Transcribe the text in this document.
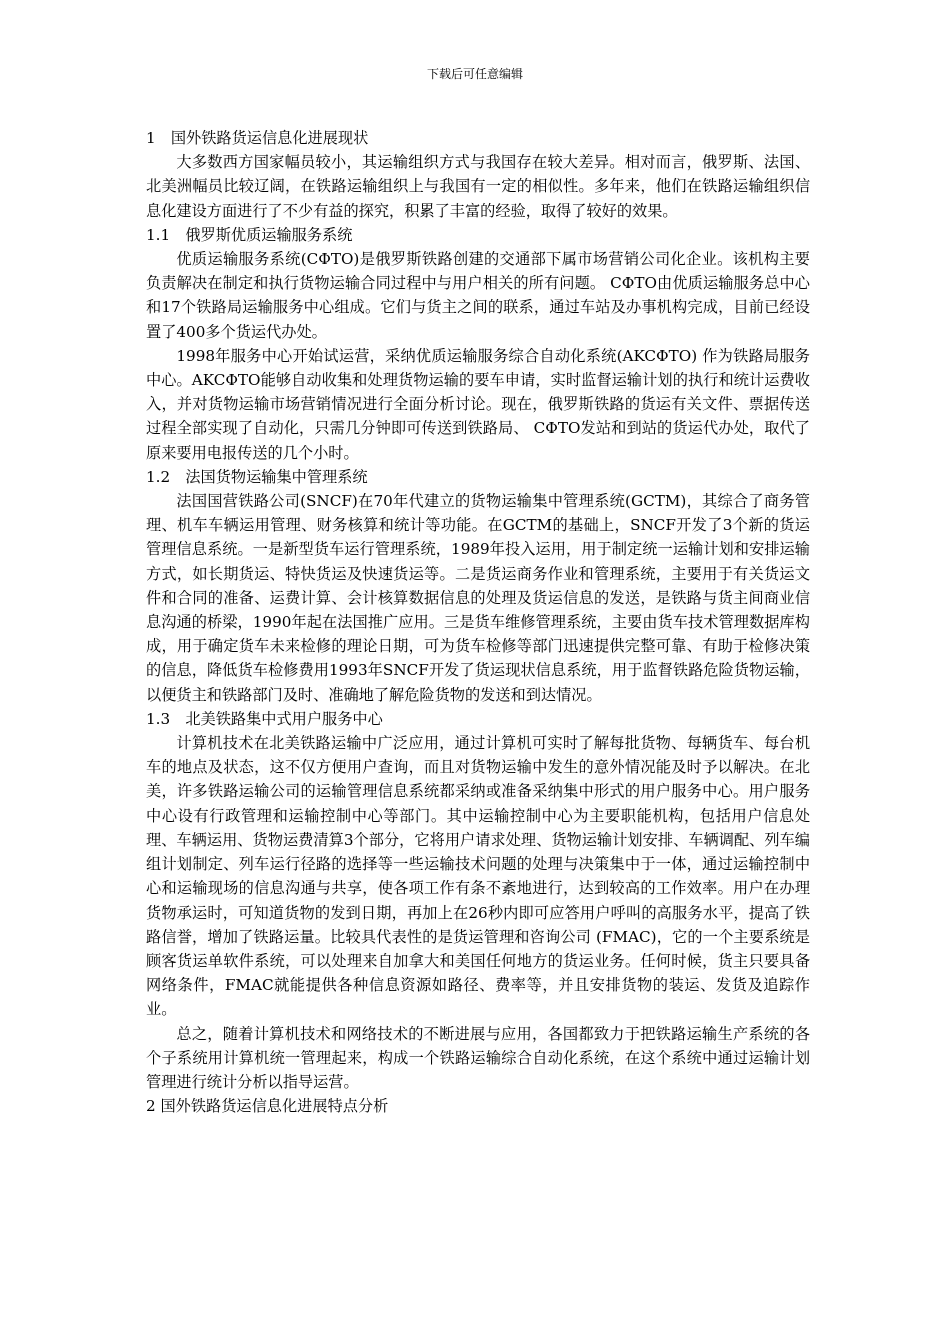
下载后可任意编辑
1　国外铁路货运信息化进展现状

大多数西方国家幅员较小，其运输组织方式与我国存在较大差异。相对而言，俄罗斯、法国、北美洲幅员比较辽阔，在铁路运输组织上与我国有一定的相似性。多年来，他们在铁路运输组织信息化建设方面进行了不少有益的探究，积累了丰富的经验，取得了较好的效果。

1.1　俄罗斯优质运输服务系统

优质运输服务系统(CФTO)是俄罗斯铁路创建的交通部下属市场营销公司化企业。该机构主要负责解决在制定和执行货物运输合同过程中与用户相关的所有问题。 CФTO由优质运输服务总中心和17个铁路局运输服务中心组成。它们与货主之间的联系，通过车站及办事机构完成，目前已经设置了400多个货运代办处。

1998年服务中心开始试运营，采纳优质运输服务综合自动化系统(AKCФTO) 作为铁路局服务中心。AKCФTO能够自动收集和处理货物运输的要车申请，实时监督运输计划的执行和统计运费收入，并对货物运输市场营销情况进行全面分析讨论。现在，俄罗斯铁路的货运有关文件、票据传送过程全部实现了自动化，只需几分钟即可传送到铁路局、 CФTO发站和到站的货运代办处，取代了原来要用电报传送的几个小时。

1.2　法国货物运输集中管理系统

法国国营铁路公司(SNCF)在70年代建立的货物运输集中管理系统(GCTM)，其综合了商务管理、机车车辆运用管理、财务核算和统计等功能。在GCTM的基础上，SNCF开发了3个新的货运管理信息系统。一是新型货车运行管理系统，1989年投入运用，用于制定统一运输计划和安排运输方式，如长期货运、特快货运及快速货运等。二是货运商务作业和管理系统，主要用于有关货运文件和合同的准备、运费计算、会计核算数据信息的处理及货运信息的发送，是铁路与货主间商业信息沟通的桥梁，1990年起在法国推广应用。三是货车维修管理系统，主要由货车技术管理数据库构成，用于确定货车未来检修的理论日期，可为货车检修等部门迅速提供完整可靠、有助于检修决策的信息，降低货车检修费用1993年SNCF开发了货运现状信息系统，用于监督铁路危险货物运输，以便货主和铁路部门及时、准确地了解危险货物的发送和到达情况。

1.3　北美铁路集中式用户服务中心

计算机技术在北美铁路运输中广泛应用，通过计算机可实时了解每批货物、每辆货车、每台机车的地点及状态，这不仅方便用户查询，而且对货物运输中发生的意外情况能及时予以解决。在北美，许多铁路运输公司的运输管理信息系统都采纳或准备采纳集中形式的用户服务中心。用户服务中心设有行政管理和运输控制中心等部门。其中运输控制中心为主要职能机构，包括用户信息处理、车辆运用、货物运费清算3个部分，它将用户请求处理、货物运输计划安排、车辆调配、列车编组计划制定、列车运行径路的选择等一些运输技术问题的处理与决策集中于一体，通过运输控制中心和运输现场的信息沟通与共享，使各项工作有条不紊地进行，达到较高的工作效率。用户在办理货物承运时，可知道货物的发到日期，再加上在26秒内即可应答用户呼叫的高服务水平，提高了铁路信誉，增加了铁路运量。比较具代表性的是货运管理和咨询公司 (FMAC)，它的一个主要系统是顾客货运单软件系统，可以处理来自加拿大和美国任何地方的货运业务。任何时候，货主只要具备网络条件，FMAC就能提供各种信息资源如路径、费率等，并且安排货物的装运、发货及追踪作业。

总之，随着计算机技术和网络技术的不断进展与应用，各国都致力于把铁路运输生产系统的各个子系统用计算机统一管理起来，构成一个铁路运输综合自动化系统，在这个系统中通过运输计划管理进行统计分析以指导运营。

2 国外铁路货运信息化进展特点分析
